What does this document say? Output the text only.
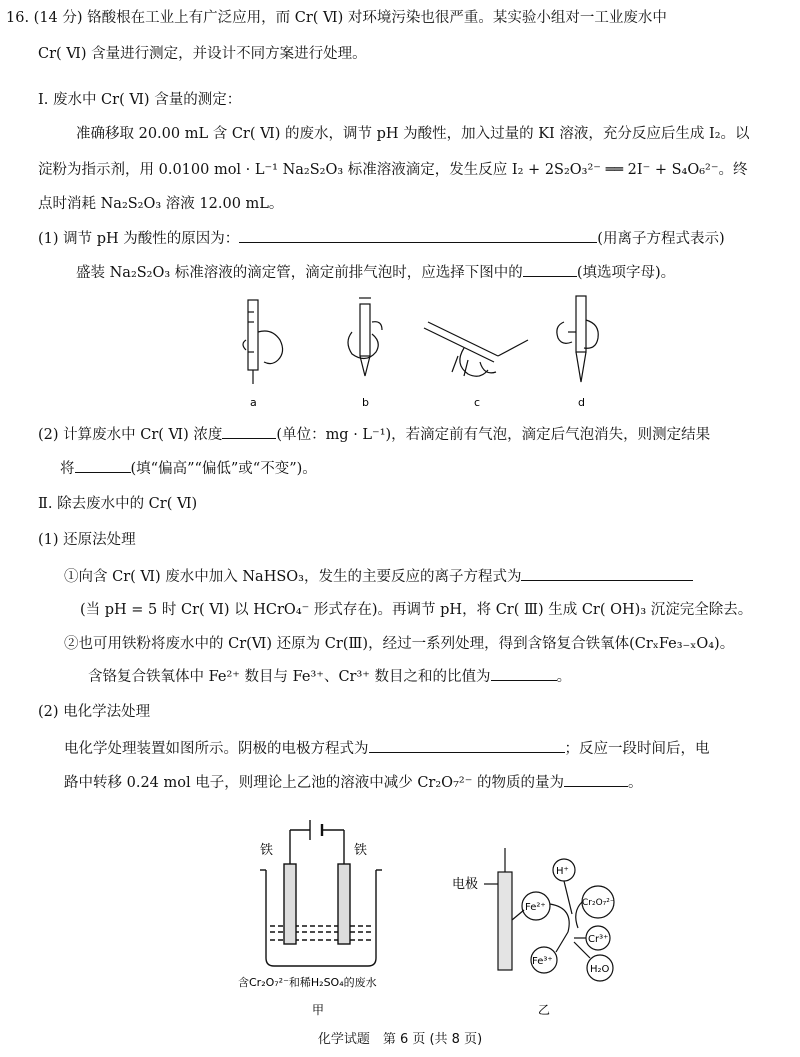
16. (14 分) 铬酸根在工业上有广泛应用，而 Cr( Ⅵ) 对环境污染也很严重。某实验小组对一工业废水中
Cr( Ⅵ) 含量进行测定，并设计不同方案进行处理。
Ⅰ. 废水中 Cr( Ⅵ) 含量的测定：
准确移取 20.00 mL 含 Cr( Ⅵ) 的废水，调节 pH 为酸性，加入过量的 KI 溶液，充分反应后生成 I₂。以
淀粉为指示剂，用 0.0100 mol · L⁻¹ Na₂S₂O₃ 标准溶液滴定，发生反应 I₂ + 2S₂O₃²⁻ ══ 2I⁻ + S₄O₆²⁻。终
点时消耗 Na₂S₂O₃ 溶液 12.00 mL。
(1) 调节 pH 为酸性的原因为：	(用离子方程式表示)
盛装 Na₂S₂O₃ 标准溶液的滴定管，滴定前排气泡时，应选择下图中的	(填选项字母)。
a	b	c	d
(2) 计算废水中 Cr( Ⅵ) 浓度	(单位：mg · L⁻¹)，若滴定前有气泡，滴定后气泡消失，则测定结果
将	(填“偏高”“偏低”或“不变”)。
Ⅱ. 除去废水中的 Cr( Ⅵ)
(1) 还原法处理
①向含 Cr( Ⅵ) 废水中加入 NaHSO₃，发生的主要反应的离子方程式为
(当 pH = 5 时 Cr( Ⅵ) 以 HCrO₄⁻ 形式存在)。再调节 pH，将 Cr( Ⅲ) 生成 Cr( OH)₃ 沉淀完全除去。
②也可用铁粉将废水中的 Cr(Ⅵ) 还原为 Cr(Ⅲ)，经过一系列处理，得到含铬复合铁氧体(CrₓFe₃₋ₓO₄)。
含铬复合铁氧体中 Fe²⁺ 数目与 Fe³⁺、Cr³⁺ 数目之和的比值为	。
(2) 电化学法处理
电化学处理装置如图所示。阴极的电极方程式为	；反应一段时间后，电
路中转移 0.24 mol 电子，则理论上乙池的溶液中减少 Cr₂O₇²⁻ 的物质的量为	。
铁	铁
含Cr₂O₇²⁻和稀H₂SO₄的废水
甲
电极
Fe²⁺
H⁺
Cr₂O₇²⁻
Cr³⁺
Fe³⁺
H₂O
乙
化学试题　第 6 页 (共 8 页)
